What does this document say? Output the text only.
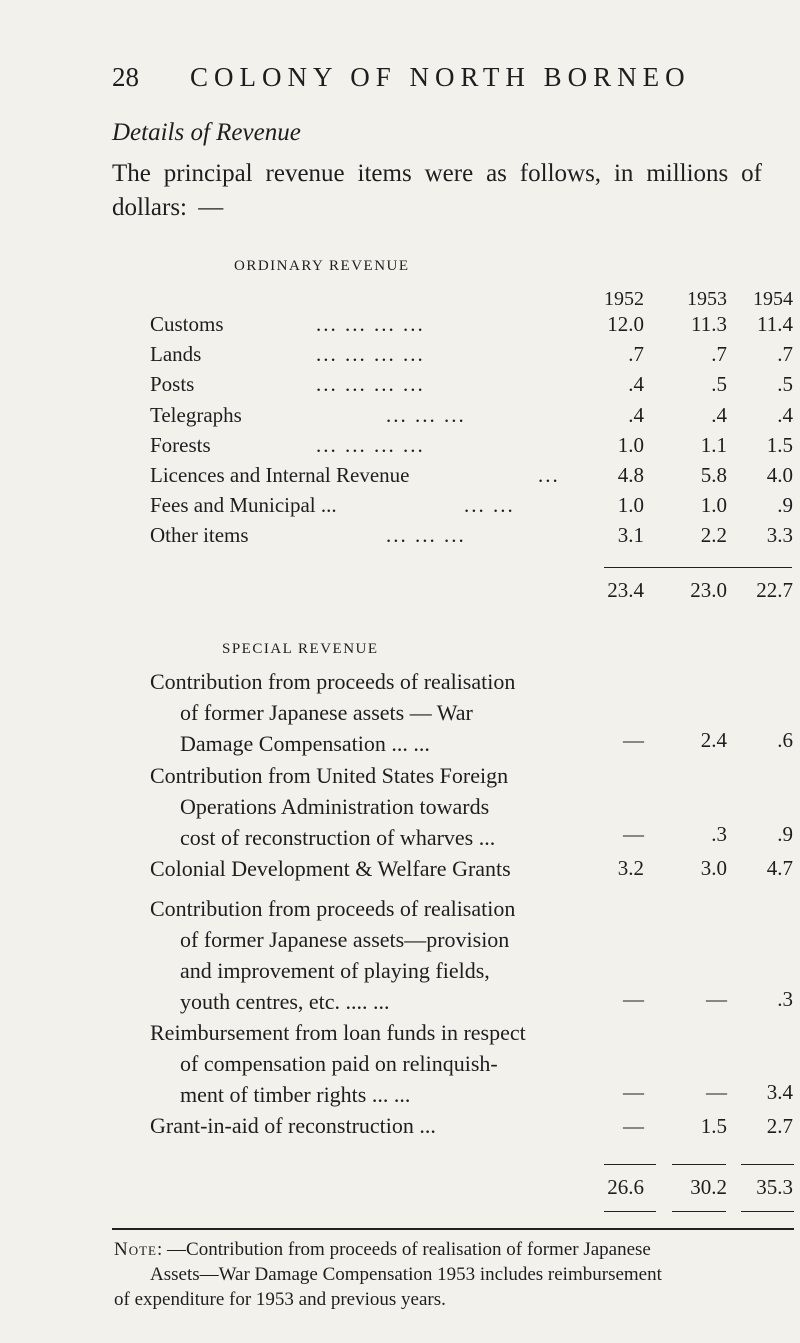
28 COLONY OF NORTH BORNEO
Details of Revenue
The principal revenue items were as follows, in millions of dollars: —
ORDINARY REVENUE
1952	1953	1954
Customs	... ... ... ...	12.0	11.3	11.4
Lands	... ... ... ...	.7	.7	.7
Posts	... ... ... ...	.4	.5	.5
Telegraphs	... ... ...	.4	.4	.4
Forests	... ... ... ...	1.0	1.1	1.5
Licences and Internal Revenue	...	4.8	5.8	4.0
Fees and Municipal ...	... ...	1.0	1.0	.9
Other items	... ... ...	3.1	2.2	3.3
23.4	23.0	22.7
SPECIAL REVENUE
Contribution from proceeds of realisation
of former Japanese assets — War
Damage Compensation ... ...	—	2.4	.6
Contribution from United States Foreign
Operations Administration towards
cost of reconstruction of wharves ...	—	.3	.9
Colonial Development & Welfare Grants	3.2	3.0	4.7
Contribution from proceeds of realisation
of former Japanese assets—provision
and improvement of playing fields,
youth centres, etc. .... ...	—	—	.3
Reimbursement from loan funds in respect
of compensation paid on relinquish-
ment of timber rights ... ...	—	—	3.4
Grant-in-aid of reconstruction ...	—	1.5	2.7
26.6	30.2	35.3
Note: —Contribution from proceeds of realisation of former Japanese
Assets—War Damage Compensation 1953 includes reimbursement
of expenditure for 1953 and previous years.
